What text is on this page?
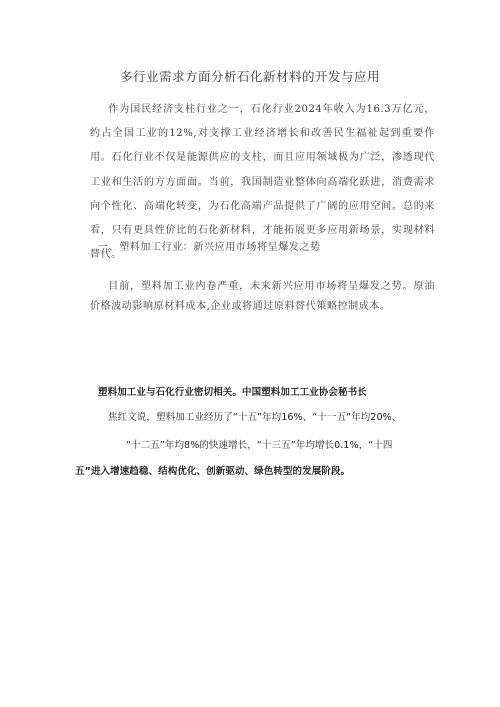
多行业需求方面分析石化新材料的开发与应用
作为国民经济支柱行业之一，石化行业2024年收入为16.3万亿元，约占全国工业的12%,对支撑工业经济增长和改善民生福祉起到重要作用。石化行业不仅是能源供应的支柱，而且应用领域极为广泛，渗透现代工业和生活的方方面面。当前，我国制造业整体向高端化跃进，消费需求向个性化、高端化转变，为石化高端产品提供了广阔的应用空间。总的来看，只有更具性价比的石化新材料，才能拓展更多应用新场景，实现材料替代。
一、塑料加工行业：新兴应用市场将呈爆发之势
目前，塑料加工业内卷严重，未来新兴应用市场将呈爆发之势。原油价格波动影响原材料成本,企业或将通过原料替代策略控制成本。
塑料加工业与石化行业密切相关。中国塑料加工工业协会秘书长
焦红文说，塑料加工业经历了“十五”年均16%、“十一五”年均20%、
“十二五”年均8%的快速增长，“十三五”年均增长0.1%，“十四
五”进入增速趋稳、结构优化、创新驱动、绿色转型的发展阶段。
